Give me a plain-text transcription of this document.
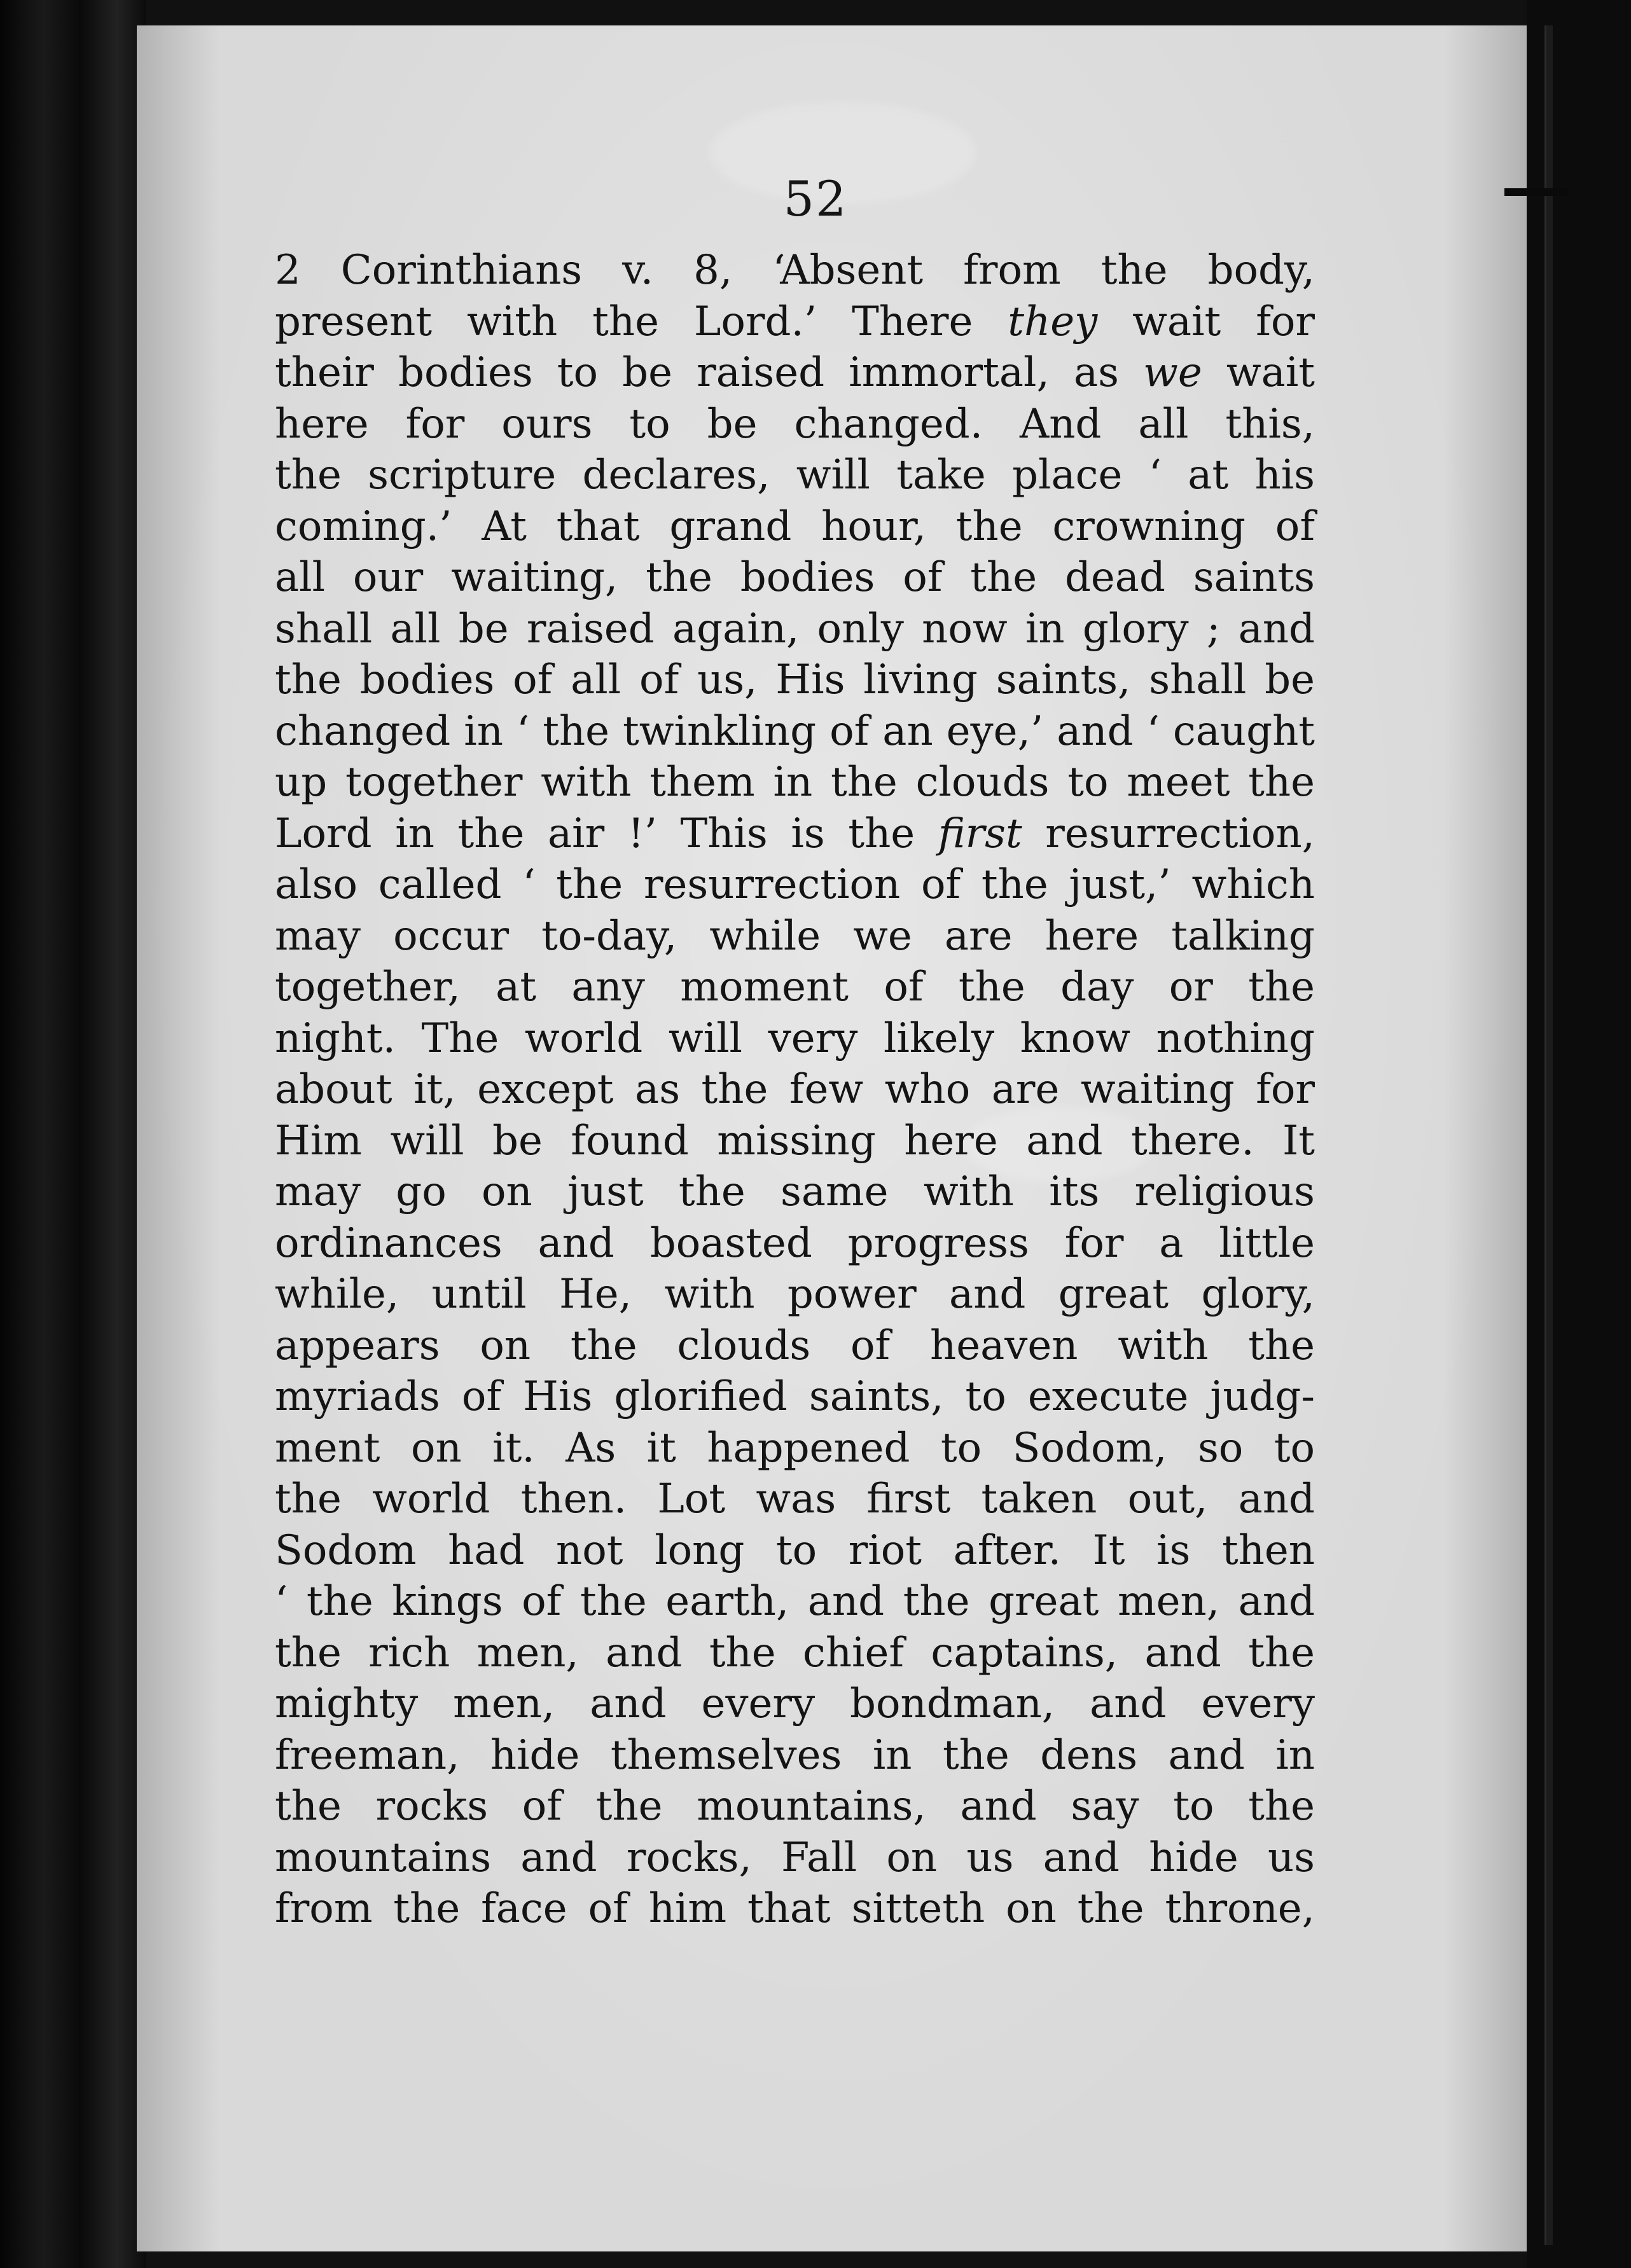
52
2 Corinthians v. 8, ‘Absent from the body,
present with the Lord.’ There they wait for
their bodies to be raised immortal, as we wait
here for ours to be changed. And all this,
the scripture declares, will take place ‘ at his
coming.’ At that grand hour, the crowning of
all our waiting, the bodies of the dead saints
shall all be raised again, only now in glory ; and
the bodies of all of us, His living saints, shall be
changed in ‘ the twinkling of an eye,’ and ‘ caught
up together with them in the clouds to meet the
Lord in the air !’ This is the first resurrection,
also called ‘ the resurrection of the just,’ which
may occur to-day, while we are here talking
together, at any moment of the day or the
night. The world will very likely know nothing
about it, except as the few who are waiting for
Him will be found missing here and there. It
may go on just the same with its religious
ordinances and boasted progress for a little
while, until He, with power and great glory,
appears on the clouds of heaven with the
myriads of His glorified saints, to execute judg-
ment on it. As it happened to Sodom, so to
the world then. Lot was first taken out, and
Sodom had not long to riot after. It is then
‘ the kings of the earth, and the great men, and
the rich men, and the chief captains, and the
mighty men, and every bondman, and every
freeman, hide themselves in the dens and in
the rocks of the mountains, and say to the
mountains and rocks, Fall on us and hide us
from the face of him that sitteth on the throne,
